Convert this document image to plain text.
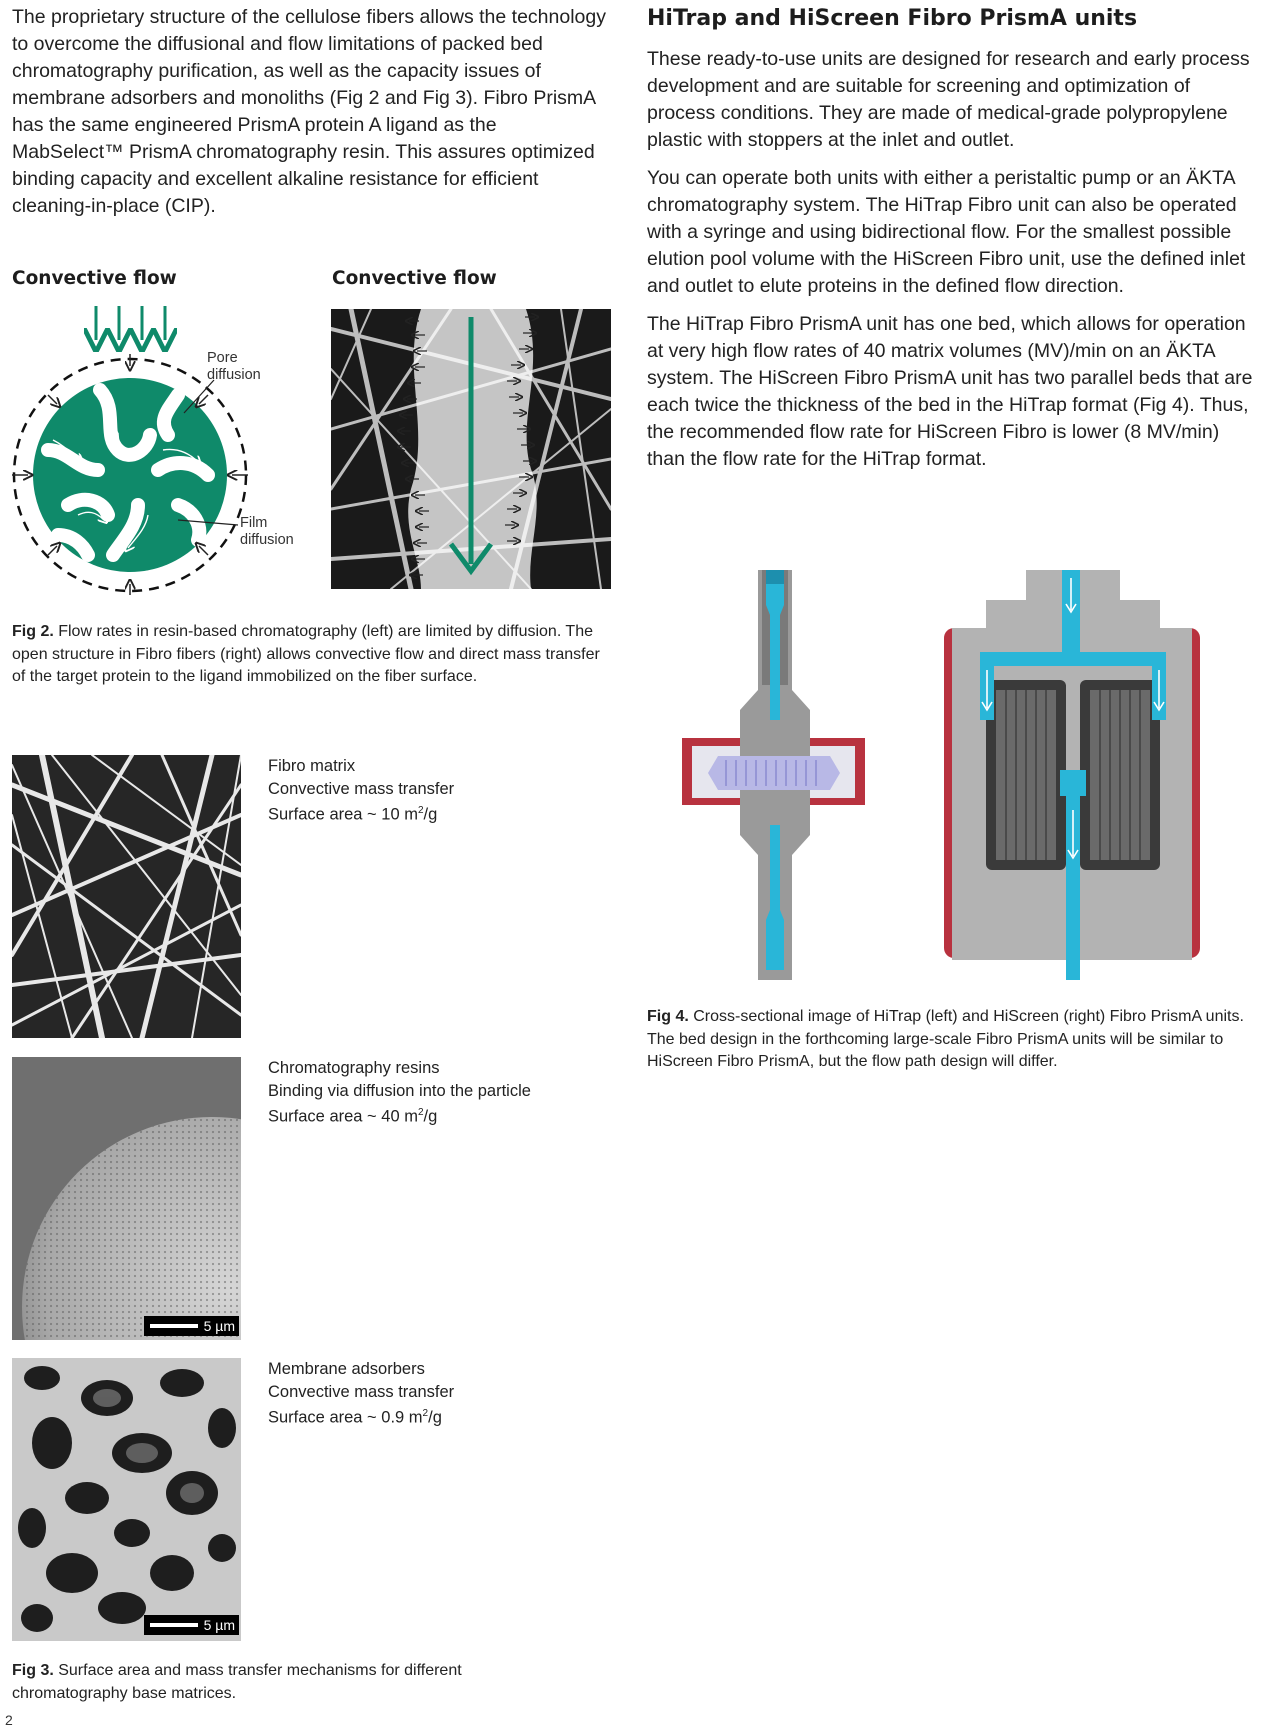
The proprietary structure of the cellulose fibers allows the technology to overcome the diffusional and flow limitations of packed bed chromatography purification, as well as the capacity issues of membrane adsorbers and monoliths (Fig 2 and Fig 3). Fibro PrismA has the same engineered PrismA protein A ligand as the MabSelect™ PrismA chromatography resin. This assures optimized binding capacity and excellent alkaline resistance for efficient cleaning-in-place (CIP).
Convective flow	Convective flow
Pore
diffusion
Film
diffusion
Fig 2. Flow rates in resin-based chromatography (left) are limited by diffusion. The open structure in Fibro fibers (right) allows convective flow and direct mass transfer of the target protein to the ligand immobilized on the fiber surface.
Fibro matrix
Convective mass transfer
Surface area ~ 10 $m^2/g$
5 µm
Chromatography resins
Binding via diffusion into the particle
Surface area ~ 40 $m^2/g$
5 µm
Membrane adsorbers
Convective mass transfer
Surface area ~ 0.9 $m^2/g$
Fig 3. Surface area and mass transfer mechanisms for different chromatography base matrices.
2
HiTrap and HiScreen Fibro PrismA units

These ready-to-use units are designed for research and early process development and are suitable for screening and optimization of process conditions. They are made of medical-grade polypropylene plastic with stoppers at the inlet and outlet.

You can operate both units with either a peristaltic pump or an ÄKTA chromatography system. The HiTrap Fibro unit can also be operated with a syringe and using bidirectional flow. For the smallest possible elution pool volume with the HiScreen Fibro unit, use the defined inlet and outlet to elute proteins in the defined flow direction.

The HiTrap Fibro PrismA unit has one bed, which allows for operation at very high flow rates of 40 matrix volumes (MV)/min on an ÄKTA system. The HiScreen Fibro PrismA unit has two parallel beds that are each twice the thickness of the bed in the HiTrap format (Fig 4). Thus, the recommended flow rate for HiScreen Fibro is lower (8 MV/min) than the flow rate for the HiTrap format.

Fig 4. Cross-sectional image of HiTrap (left) and HiScreen (right) Fibro PrismA units. The bed design in the forthcoming large-scale Fibro PrismA units will be similar to HiScreen Fibro PrismA, but the flow path design will differ.
